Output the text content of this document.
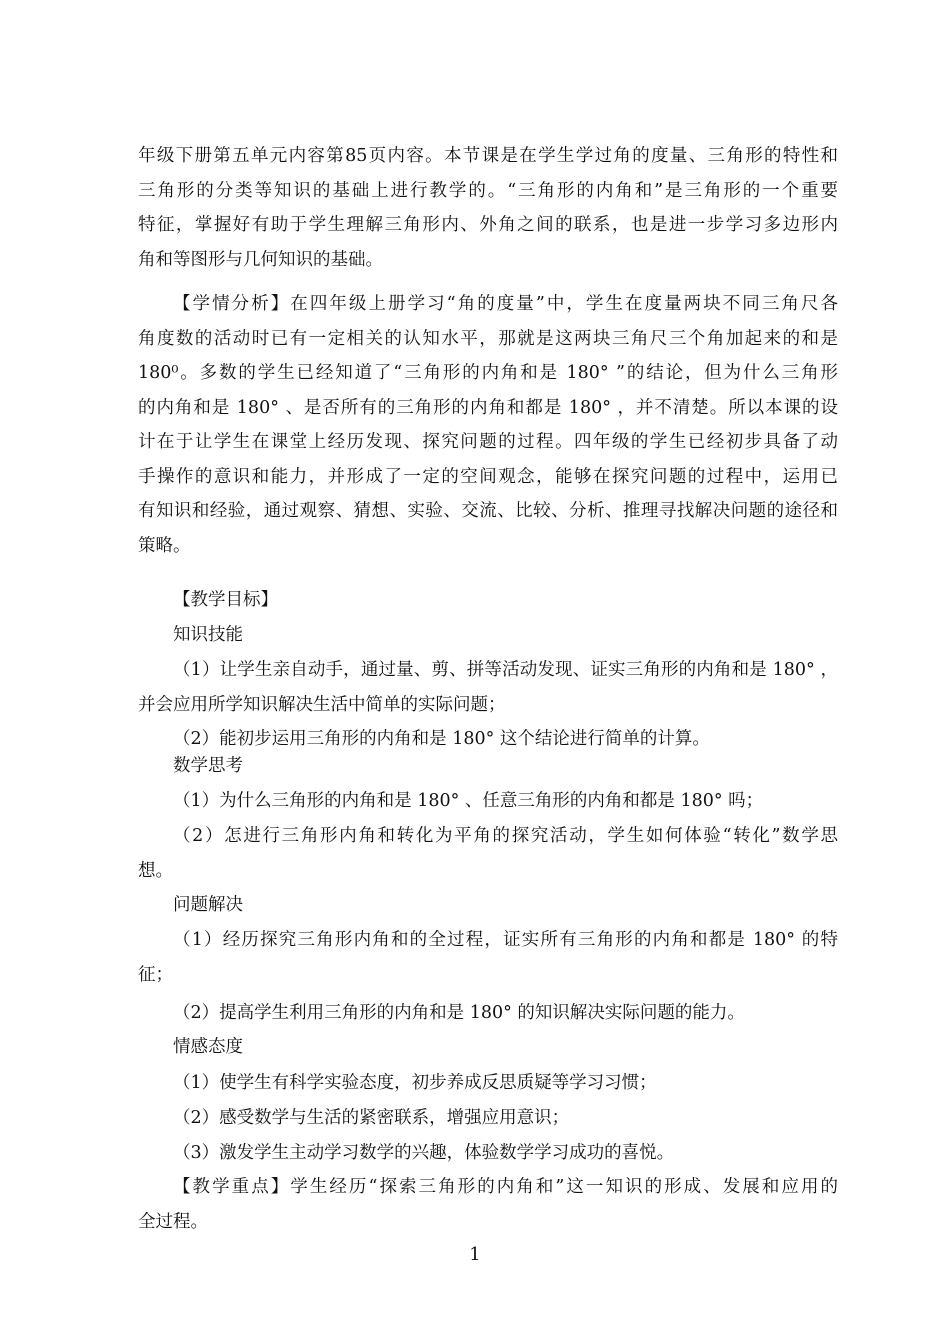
年级下册第五单元内容第85页内容。本节课是在学生学过角的度量、三角形的特性和
三角形的分类等知识的基础上进行教学的。“三角形的内角和”是三角形的一个重要
特征，掌握好有助于学生理解三角形内、外角之间的联系，也是进一步学习多边形内
角和等图形与几何知识的基础。
【学情分析】在四年级上册学习“角的度量”中，学生在度量两块不同三角尺各
角度数的活动时已有一定相关的认知水平，那就是这两块三角尺三个角加起来的和是
180⁰。多数的学生已经知道了“三角形的内角和是 180° ”的结论，但为什么三角形
的内角和是 180° 、是否所有的三角形的内角和都是 180° ，并不清楚。所以本课的设
计在于让学生在课堂上经历发现、探究问题的过程。四年级的学生已经初步具备了动
手操作的意识和能力，并形成了一定的空间观念，能够在探究问题的过程中，运用已
有知识和经验，通过观察、猜想、实验、交流、比较、分析、推理寻找解决问题的途径和
策略。
【教学目标】
知识技能
（1）让学生亲自动手，通过量、剪、拼等活动发现、证实三角形的内角和是 180° ，
并会应用所学知识解决生活中简单的实际问题；
（2）能初步运用三角形的内角和是 180° 这个结论进行简单的计算。
数学思考
（1）为什么三角形的内角和是 180° 、任意三角形的内角和都是 180° 吗；
（2）怎进行三角形内角和转化为平角的探究活动，学生如何体验“转化”数学思
想。
问题解决
（1）经历探究三角形内角和的全过程，证实所有三角形的内角和都是 180° 的特
征；
（2）提高学生利用三角形的内角和是 180° 的知识解决实际问题的能力。
情感态度
（1）使学生有科学实验态度，初步养成反思质疑等学习习惯；
（2）感受数学与生活的紧密联系，增强应用意识；
（3）激发学生主动学习数学的兴趣，体验数学学习成功的喜悦。
【教学重点】学生经历“探索三角形的内角和”这一知识的形成、发展和应用的
全过程。
1
